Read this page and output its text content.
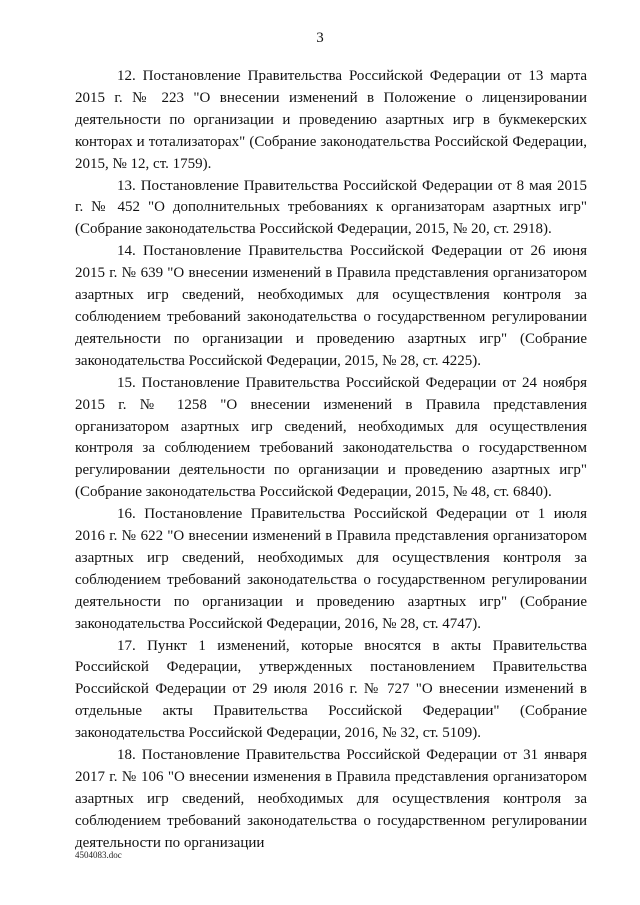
3

12. Постановление Правительства Российской Федерации от 13 марта 2015 г. № 223 "О внесении изменений в Положение о лицензировании деятельности по организации и проведению азартных игр в букмекерских конторах и тотализаторах" (Собрание законодательства Российской Федерации, 2015, № 12, ст. 1759).

13. Постановление Правительства Российской Федерации от 8 мая 2015 г. № 452 "О дополнительных требованиях к организаторам азартных игр" (Собрание законодательства Российской Федерации, 2015, № 20, ст. 2918).

14. Постановление Правительства Российской Федерации от 26 июня 2015 г. № 639 "О внесении изменений в Правила представления организатором азартных игр сведений, необходимых для осуществления контроля за соблюдением требований законодательства о государственном регулировании деятельности по организации и проведению азартных игр" (Собрание законодательства Российской Федерации, 2015, № 28, ст. 4225).

15. Постановление Правительства Российской Федерации от 24 ноября 2015 г. № 1258 "О внесении изменений в Правила представления организатором азартных игр сведений, необходимых для осуществления контроля за соблюдением требований законодательства о государственном регулировании деятельности по организации и проведению азартных игр" (Собрание законодательства Российской Федерации, 2015, № 48, ст. 6840).

16. Постановление Правительства Российской Федерации от 1 июля 2016 г. № 622 "О внесении изменений в Правила представления организатором азартных игр сведений, необходимых для осуществления контроля за соблюдением требований законодательства о государственном регулировании деятельности по организации и проведению азартных игр" (Собрание законодательства Российской Федерации, 2016, № 28, ст. 4747).

17. Пункт 1 изменений, которые вносятся в акты Правительства Российской Федерации, утвержденных постановлением Правительства Российской Федерации от 29 июля 2016 г. № 727 "О внесении изменений в отдельные акты Правительства Российской Федерации" (Собрание законодательства Российской Федерации, 2016, № 32, ст. 5109).

18. Постановление Правительства Российской Федерации от 31 января 2017 г. № 106 "О внесении изменения в Правила представления организатором азартных игр сведений, необходимых для осуществления контроля за соблюдением требований законодательства о государственном регулировании деятельности по организации

4504083.doc
